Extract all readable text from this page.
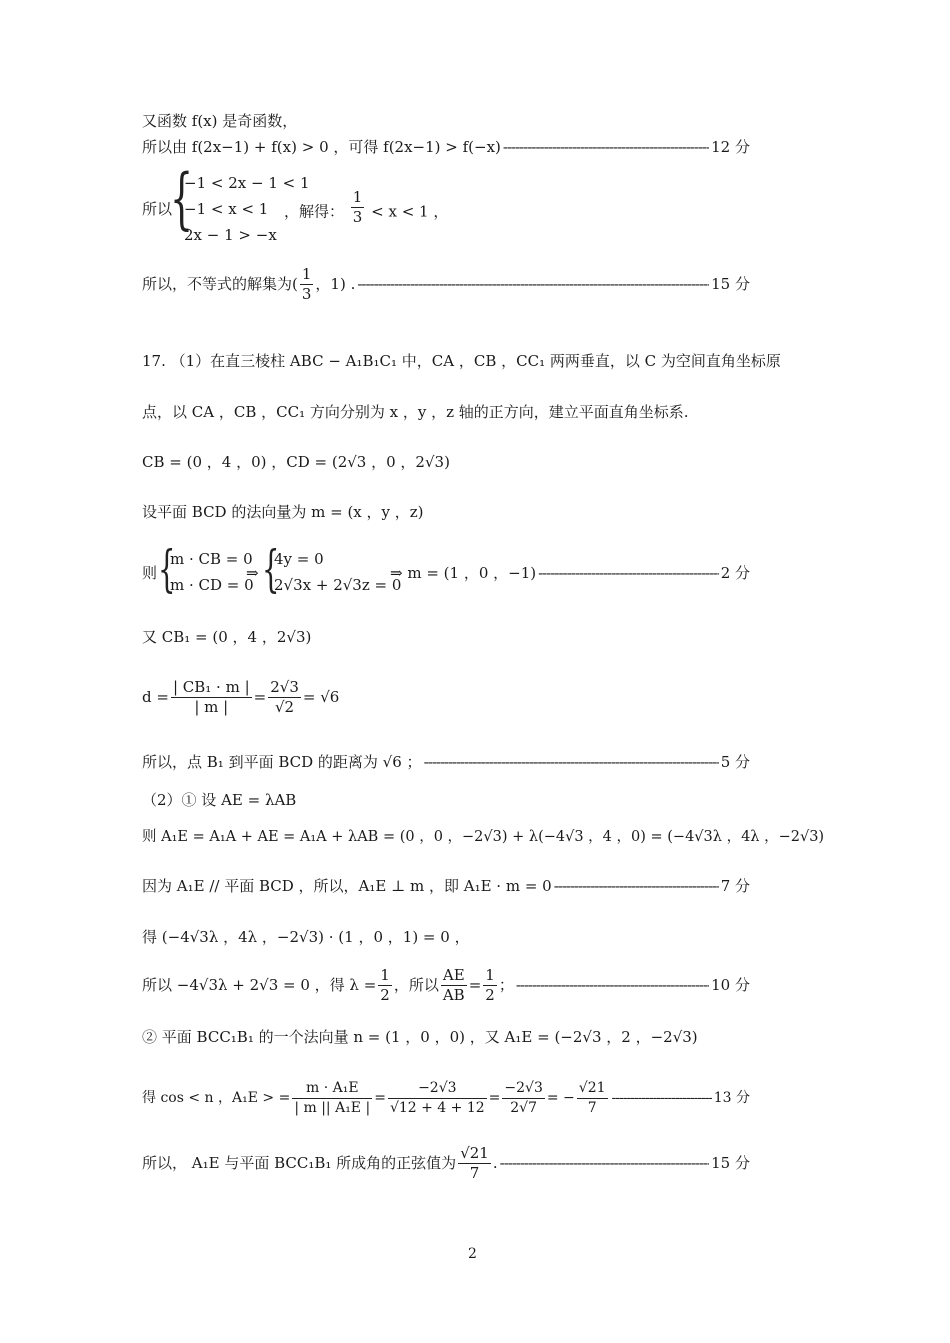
又函数 f(x) 是奇函数，
所以由 f(2x−1) + f(x) > 0 ，可得 f(2x−1) > f(−x) -----	12 分
所以
{
−1 < 2x − 1 < 1
−1 < x < 1
2x − 1 > −x
，解得： $\frac{1}{3} < x < 1$ ，
所以，不等式的解集为( $\frac{1}{3}$ ，1) . -----	15 分
17. （1）在直三棱柱 ABC − A₁B₁C₁ 中，CA ，CB ，CC₁ 两两垂直，以 C 为空间直角坐标原
点，以 CA ，CB ，CC₁ 方向分别为 x ，y ，z 轴的正方向，建立平面直角坐标系.
CB = (0 ，4 ，0) ，CD = (2√3 ，0 ，2√3)
设平面 BCD 的法向量为 m = (x ，y ，z)
则 {
m · CB = 0
m · CD = 0
⇒ {
4y = 0
2√3x + 2√3z = 0
⇒ m = (1 ，0 ，−1) -----	2 分
又 CB₁ = (0 ，4 ，2√3)
$d = \frac{\text{| CB₁ · m |}}{| m |} = \frac{2√3}{√2} = √6$
所以，点 B₁ 到平面 BCD 的距离为 √6 ； -----	5 分
（2）① 设 AE = λAB
则 A₁E = A₁A + AE = A₁A + λAB = (0 ，0 ，−2√3) + λ(−4√3 ，4 ，0) = (−4√3λ ，4λ ，−2√3)
因为 A₁E // 平面 BCD ，所以，A₁E ⊥ m ，即 A₁E · m = 0 -----	7 分
得 (−4√3λ ，4λ ，−2√3) · (1 ，0 ，1) = 0 ，
所以 −4√3λ + 2√3 = 0 ，得 $\lambda = \frac{1}{2}$ ，所以 $\frac{AE}{AB} = \frac{1}{2}$ ； -----	10 分
② 平面 BCC₁B₁ 的一个法向量 n = (1 ，0 ，0) ，又 A₁E = (−2√3 ，2 ，−2√3)
得 cos < n ，A₁E > = $\frac{\text{m · A₁E}}{\text{| m || A₁E |}} = \frac{-2√3}{√12 + 4 + 12} = \frac{-2√3}{2√7}$ = − $\frac{√21}{7}$ -----	13 分
所以， A₁E 与平面 BCC₁B₁ 所成角的正弦值为 $\frac{√21}{7}$ . -----	15 分
2
